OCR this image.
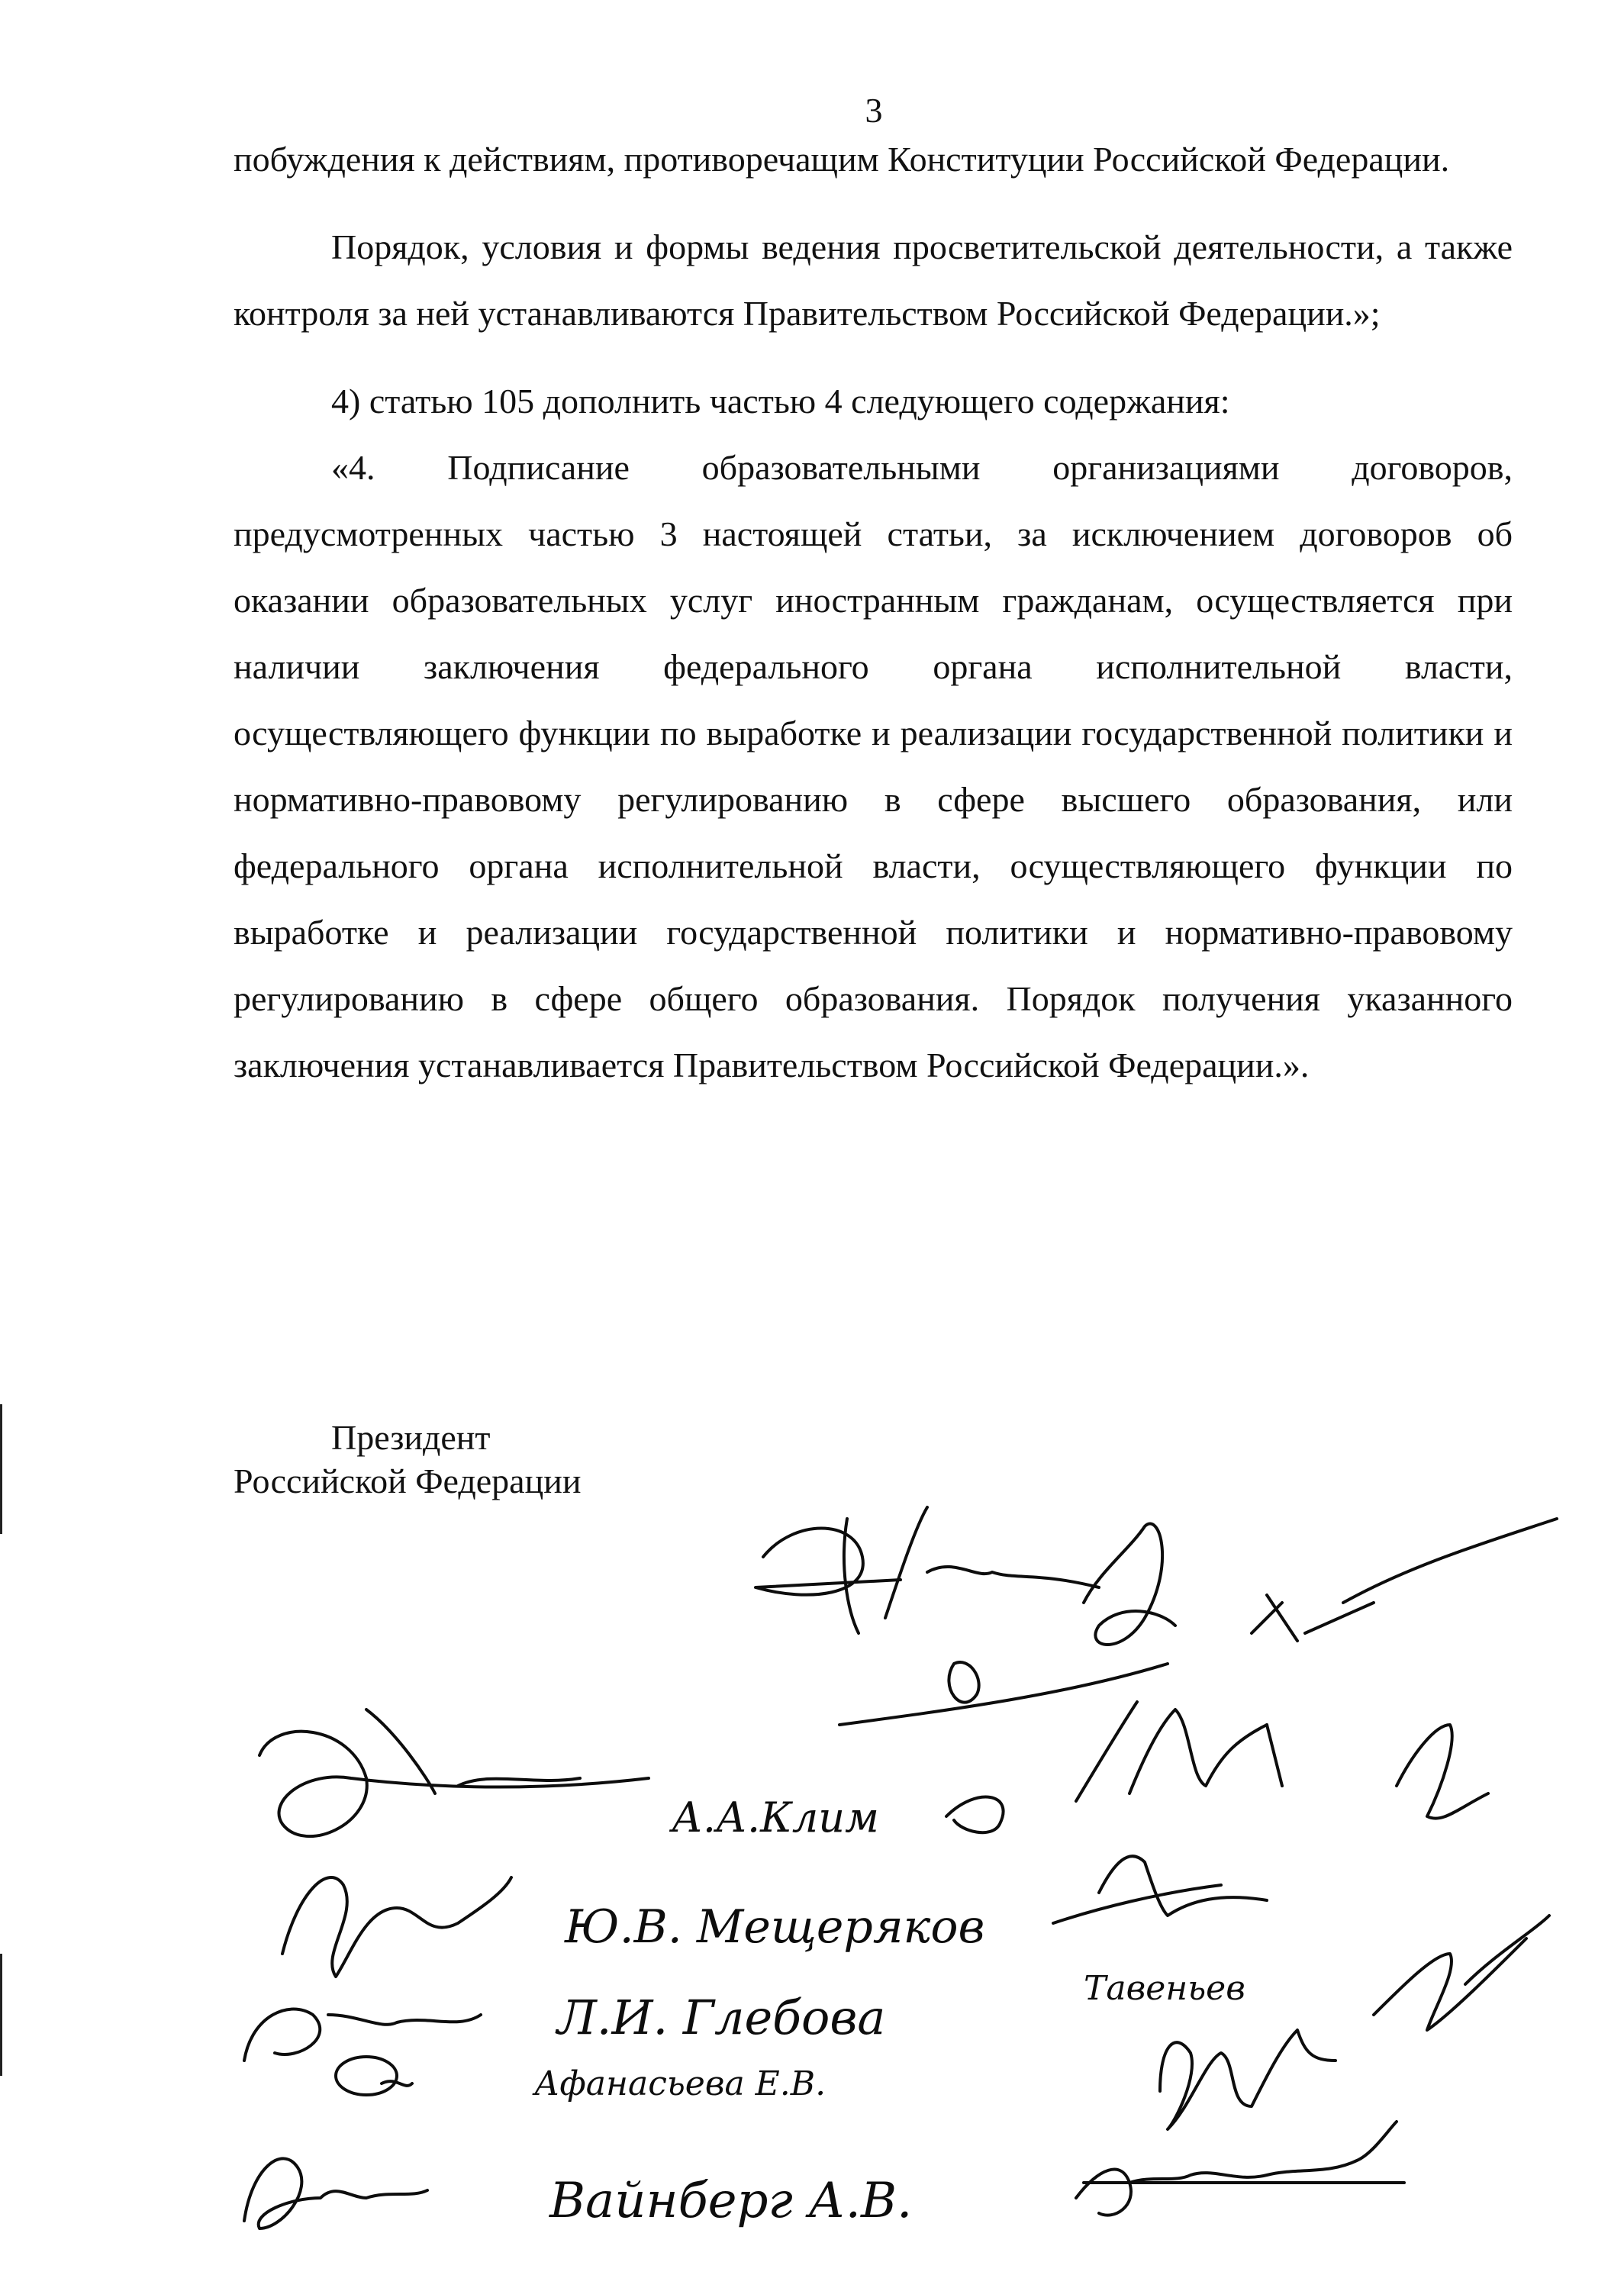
3

побуждения к действиям, противоречащим Конституции Российской Федерации.

Порядок, условия и формы ведения просветительской деятельности, а также контроля за ней устанавливаются Правительством Российской Федерации.»;

4) статью 105 дополнить частью 4 следующего содержания:

«4. Подписание образовательными организациями договоров, предусмотренных частью 3 настоящей статьи, за исключением договоров об оказании образовательных услуг иностранным гражданам, осуществляется при наличии заключения федерального органа исполнительной власти, осуществляющего функции по выработке и реализации государственной политики и нормативно-правовому регулированию в сфере высшего образования, или федерального органа исполнительной власти, осуществляющего функции по выработке и реализации государственной политики и нормативно-правовому регулированию в сфере общего образования. Порядок получения указанного заключения устанавливается Правительством Российской Федерации.».

Президент
Российской Федерации
А.А.Клим
Ю.В. Мещеряков
Л.И. Глебова
Тавеньев
Афанасьева Е.В.
Вайнберг А.В.
